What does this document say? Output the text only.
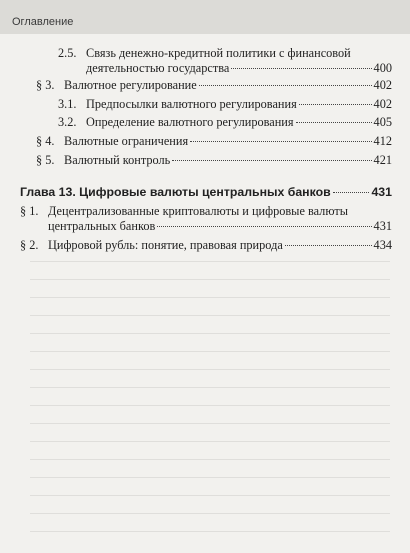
Оглавление
2.5. Связь денежно-кредитной политики с финансовой
деятельностью государства	400
§ 3. Валютное регулирование	402
3.1. Предпосылки валютного регулирования	402
3.2. Определение валютного регулирования	405
§ 4. Валютные ограничения	412
§ 5. Валютный контроль	421
Глава 13. Цифровые валюты центральных банков	431
§ 1. Децентрализованные криптовалюты и цифровые валюты
центральных банков	431
§ 2. Цифровой рубль: понятие, правовая природа	434
